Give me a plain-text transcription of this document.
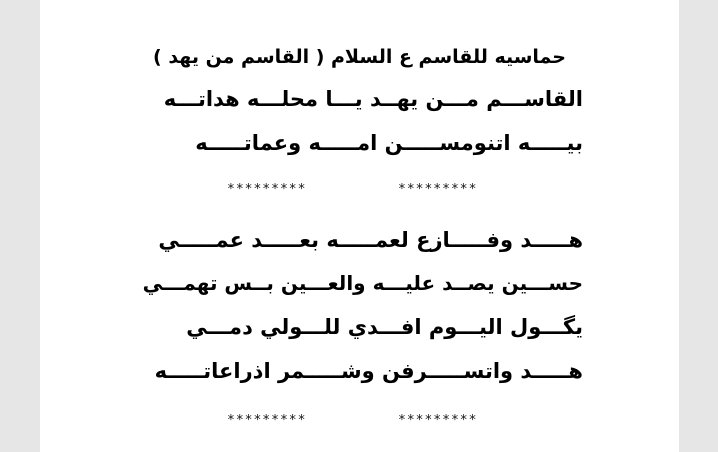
حماسيه للقاسم ع السلام ( القاسم من يهد )
القاســـم مـــن يهــد يـــا محلـــه هداتـــه
بيـــــه اتنومســـــن امـــــه وعماتـــــه
*********	*********
هـــــد وفـــــازع لعمـــــه بعـــــد عمـــــي
حســـين يصــد عليـــه والعـــين بــس تهمـــي
يگـــول اليـــوم افـــدي للـــولي دمـــي
هـــــد واتســـــرفن وشـــــمر اذراعاتـــــه
*********	*********
